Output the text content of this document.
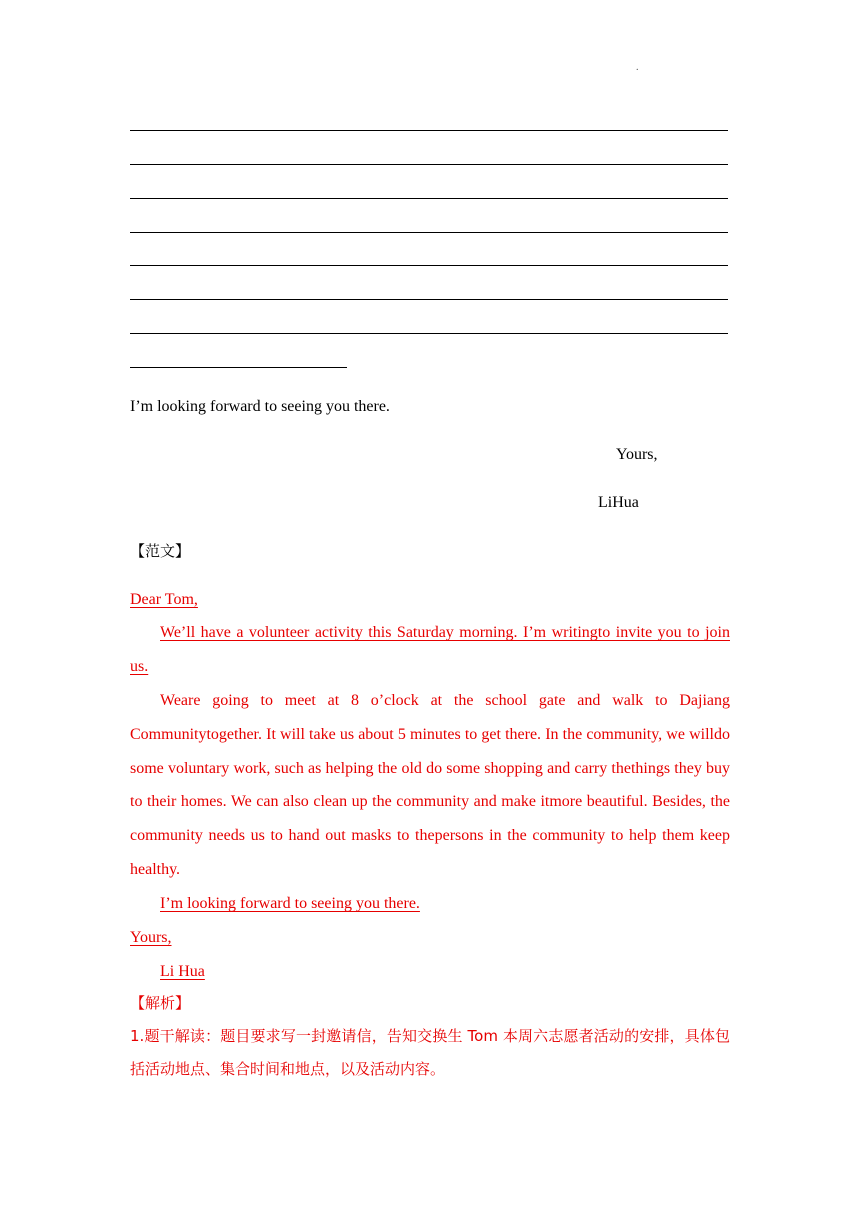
.
I’m looking forward to seeing you there.
Yours,
LiHua
【范文】
Dear Tom,
We’ll have a volunteer activity this Saturday morning. I’m writingto invite you to join us.
Weare going to meet at 8 o’clock at the school gate and walk to Dajiang Communitytogether. It will take us about 5 minutes to get there. In the community, we willdo some voluntary work, such as helping the old do some shopping and carry thethings they buy to their homes. We can also clean up the community and make itmore beautiful. Besides, the community needs us to hand out masks to thepersons in the community to help them keep healthy.
I’m looking forward to seeing you there.
Yours,
Li Hua
【解析】
1.题干解读：题目要求写一封邀请信，告知交换生 Tom 本周六志愿者活动的安排，具体包括活动地点、集合时间和地点，以及活动内容。
